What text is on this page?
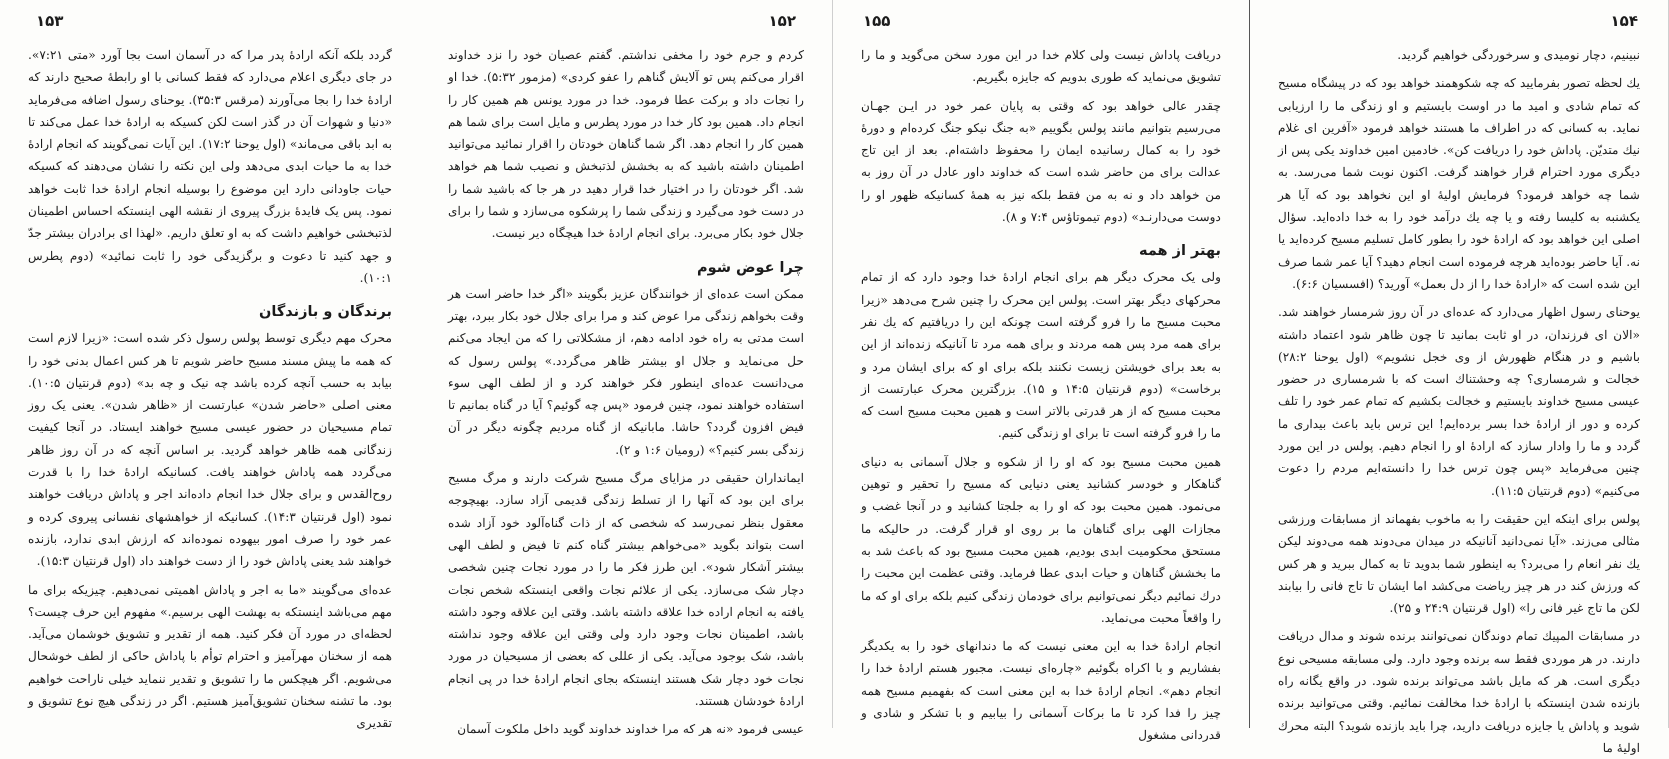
۱۵۳

گردد بلکه آنکه ارادهٔ پدر مرا که در آسمان است بجا آورد «متی ۷:۲۱». در جای دیگری اعلام می‌دارد که فقط کسانی با او رابطهٔ صحیح دارند که ارادهٔ خدا را بجا می‌آورند (مرقس ۳۵:۳). یوحنای رسول اضافه می‌فرماید «دنیا و شهوات آن در گذر است لکن کسیکه به ارادهٔ خدا عمل می‌کند تا به ابد باقی می‌ماند» (اول یوحنا ۱۷:۲). این آیات نمی‌گویند که انجام ارادهٔ خدا به ما حیات ابدی می‌دهد ولی این نکته را نشان می‌دهند که کسیکه حیات جاودانی دارد این موضوع را بوسیله انجام ارادهٔ خدا ثابت خواهد نمود. پس یک فایدهٔ بزرگ پیروی از نقشه الهی اینستکه احساس اطمینان لذتبخشی خواهیم داشت که به او تعلق داریم. «لهذا ای برادران بیشتر جدّ و جهد کنید تا دعوت و برگزیدگی خود را ثابت نمائید» (دوم پطرس ۱۰:۱).

برندگان و بازندگان

محرک مهم دیگری توسط پولس رسول ذکر شده است: «زیرا لازم است که همه ما پیش مسند مسیح حاضر شویم تا هر کس اعمال بدنی خود را بیابد به حسب آنچه کرده باشد چه نیک و چه بد» (دوم قرنتیان ۱۰:۵). معنی اصلی «حاضر شدن» عبارتست از «ظاهر شدن». یعنی یک روز تمام مسیحیان در حضور عیسی مسیح خواهند ایستاد. در آنجا کیفیت زندگانی همه ظاهر خواهد گردید. بر اساس آنچه که در آن روز ظاهر می‌گردد همه پاداش خواهند یافت. کسانیکه ارادهٔ خدا را با قدرت روح‌القدس و برای جلال خدا انجام داده‌اند اجر و پاداش دریافت خواهند نمود (اول قرنتیان ۱۴:۳). کسانیکه از خواهشهای نفسانی پیروی کرده و عمر خود را صرف امور بیهوده نموده‌اند که ارزش ابدی ندارد، بازنده خواهند شد یعنی پاداش خود را از دست خواهند داد (اول قرنتیان ۱۵:۳).

عده‌ای می‌گویند «ما به اجر و پاداش اهمیتی نمی‌دهیم. چیزیکه برای ما مهم می‌باشد اینستکه به بهشت الهی برسیم.» مفهوم این حرف چیست؟ لحظه‌ای در مورد آن فکر کنید. همه از تقدیر و تشویق خوشمان می‌آید. همه از سخنان مهرآمیز و احترام توأم با پاداش حاکی از لطف خوشحال می‌شویم. اگر هیچکس ما را تشویق و تقدیر ننماید خیلی ناراحت خواهیم بود. ما تشنه سخنان تشویق‌آمیز هستیم. اگر در زندگی هیچ نوع تشویق و تقدیری

۱۵۲

کردم و جرم خود را مخفی نداشتم. گفتم عصیان خود را نزد خداوند اقرار می‌کنم پس تو آلایش گناهم را عفو کردی» (مزمور ۵:۳۲). خدا او را نجات داد و برکت عطا فرمود. خدا در مورد یونس هم همین کار را انجام داد. همین بود کار خدا در مورد پطرس و مایل است برای شما هم همین کار را انجام دهد. اگر شما گناهان خودتان را اقرار نمائید می‌توانید اطمینان داشته باشید که به بخشش لذتبخش و نصیب شما هم خواهد شد. اگر خودتان را در اختیار خدا قرار دهید در هر جا که باشید شما را در دست خود می‌گیرد و زندگی شما را پرشکوه می‌سازد و شما را برای جلال خود بکار می‌برد. برای انجام ارادهٔ خدا هیچگاه دیر نیست.

چرا عوض شوم

ممکن است عده‌ای از خوانندگان عزیز بگویند «اگر خدا حاضر است هر وقت بخواهم زندگی مرا عوض کند و مرا برای جلال خود بکار ببرد، بهتر است مدتی به راه خود ادامه دهم، از مشکلاتی را که من ایجاد می‌کنم حل می‌نماید و جلال او بیشتر ظاهر می‌گردد.» پولس رسول که می‌دانست عده‌ای اینطور فکر خواهند کرد و از لطف الهی سوء استفاده خواهند نمود، چنین فرمود «پس چه گوئیم؟ آیا در گناه بمانیم تا فیض افزون گردد؟ حاشا. مابانیکه از گناه مردیم چگونه دیگر در آن زندگی بسر کنیم؟» (رومیان ۱:۶ و ۲).

ایمانداران حقیقی در مزایای مرگ مسیح شرکت دارند و مرگ مسیح برای این بود که آنها را از تسلط زندگی قدیمی آزاد سازد. بهیچوجه معقول بنظر نمی‌رسد که شخصی که از ذات گناه‌آلود خود آزاد شده است بتواند بگوید «می‌خواهم بیشتر گناه کنم تا فیض و لطف الهی بیشتر آشکار شود». این طرز فکر ما را در مورد نجات چنین شخصی دچار شک می‌سازد. یکی از علائم نجات واقعی اینستکه شخص نجات یافته به انجام اراده خدا علاقه داشته باشد. وقتی این علاقه وجود داشته باشد، اطمینان نجات وجود دارد ولی وقتی این علاقه وجود نداشته باشد، شک بوجود می‌آید. یکی از عللی که بعضی از مسیحیان در مورد نجات خود دچار شک هستند اینستکه بجای انجام ارادهٔ خدا در پی انجام ارادهٔ خودشان هستند.

عیسی فرمود «نه هر که مرا خداوند خداوند گوید داخل ملکوت آسمان

۱۵۵

دریافت پاداش نیست ولی کلام خدا در این مورد سخن می‌گوید و ما را تشویق می‌نماید که طوری بدویم که جایزه بگیریم.

چقدر عالی خواهد بود که وقتی به پایان عمر خود در ایـن جهـان می‌رسیم بتوانیم مانند پولس بگوییم «به جنگ نیکو جنگ کرده‌ام و دورهٔ خود را به کمال رسانیده ایمان را محفوظ داشته‌ام. بعد از این تاج عدالت برای من حاضر شده است که خداوند داور عادل در آن روز به من خواهد داد و نه به من فقط بلکه نیز به همهٔ کسانیکه ظهور او را دوست می‌دارنـد» (دوم تیموتاؤس ۷:۴ و ۸).

بهتر از همه

ولی یک محرک دیگر هم برای انجام ارادهٔ خدا وجود دارد که از تمام محرکهای دیگر بهتر است. پولس این محرک را چنین شرح می‌دهد «زیرا محبت مسیح ما را فرو گرفته است چونکه این را دریافتیم که یك نفر برای همه مرد پس همه مردند و برای همه مرد تا آنانیکه زنده‌اند از این به بعد برای خویشتن زیست نکنند بلکه برای او که برای ایشان مرد و برخاست» (دوم قرنتیان ۱۴:۵ و ۱۵). بزرگترین محرک عبارتست از محبت مسیح که از هر قدرتی بالاتر است و همین محبت مسیح است که ما را فرو گرفته است تا برای او زندگی کنیم.

همین محبت مسیح بود که او را از شکوه و جلال آسمانی به دنیای گناهکار و خودسر کشانید یعنی دنیایی که مسیح را تحقیر و توهین می‌نمود. همین محبت بود که او را به جلجتا کشانید و در آنجا غضب و مجازات الهی برای گناهان ما بر روی او قرار گرفت. در حالیکه ما مستحق محکومیت ابدی بودیم، همین محبت مسیح بود که باعث شد به ما بخشش گناهان و حیات ابدی عطا فرماید. وقتی عظمت این محبت را درك نمائیم دیگر نمی‌توانیم برای خودمان زندگی کنیم بلکه برای او که ما را واقعاً محبت می‌نماید.

انجام ارادهٔ خدا به این معنی نیست که ما دندانهای خود را به یکدیگر بفشاریم و با اکراه بگوئیم «چاره‌ای نیست. مجبور هستم ارادهٔ خدا را انجام دهم». انجام ارادهٔ خدا به این معنی است که بفهمیم مسیح همه چیز را فدا کرد تا ما برکات آسمانی را بیابیم و با تشکر و شادی و قدردانی مشغول

۱۵۴

نبینیم، دچار نومیدی و سرخوردگی خواهیم گردید.

یك لحظه تصور بفرمایید که چه شکوهمند خواهد بود که در پیشگاه مسیح که تمام شادی و امید ما در اوست بایستیم و او زندگی ما را ارزیابی نماید. به کسانی که در اطراف ما هستند خواهد فرمود «آفرین ای غلام نیك متدیّن. پاداش خود را دریافت کن». خادمین امین خداوند یکی پس از دیگری مورد احترام قرار خواهند گرفت. اکنون نوبت شما می‌رسد. به شما چه خواهد فرمود؟ فرمایش اولیهٔ او این نخواهد بود که آیا هر یکشنبه به کلیسا رفته و یا چه یك درآمد خود را به خدا داده‌اید. سؤال اصلی این خواهد بود که ارادهٔ خود را بطور کامل تسلیم مسیح کرده‌اید یا نه. آیا حاضر بوده‌اید هرچه فرموده است انجام دهید؟ آیا عمر شما صرف این شده است که «ارادهٔ خدا را از دل بعمل» آورید؟ (افسسیان ۶:۶).

یوحنای رسول اظهار می‌دارد که عده‌ای در آن روز شرمسار خواهند شد. «الان ای فرزندان، در او ثابت بمانید تا چون ظاهر شود اعتماد داشته باشیم و در هنگام ظهورش از وی خجل نشویم» (اول یوحنا ۲۸:۲) خجالت و شرمساری؟ چه وحشتناك است که با شرمساری در حضور عیسی مسیح خداوند بایستیم و خجالت بکشیم که تمام عمر خود را تلف کرده و دور از ارادهٔ خدا بسر برده‌ایم! این ترس باید باعث بیداری ما گردد و ما را وادار سازد که ارادهٔ او را انجام دهیم. پولس در این مورد چنین می‌فرماید «پس چون ترس خدا را دانسته‌ایم مردم را دعوت می‌کنیم» (دوم قرنتیان ۱۱:۵).

پولس برای اینکه این حقیقت را به ماخوب بفهماند از مسابقات ورزشی مثالی می‌زند. «آیا نمی‌دانید آنانیکه در میدان می‌دوند همه می‌دوند لیکن یك نفر انعام را می‌برد؟ به اینطور شما بدوید تا به کمال ببرید و هر کس که ورزش کند در هر چیز ریاضت می‌کشد اما ایشان تا تاج فانی را بیابند لکن ما تاج غیر فانی را» (اول قرنتیان ۲۴:۹ و ۲۵).

در مسابقات المپیك تمام دوندگان نمی‌توانند برنده شوند و مدال دریافت دارند. در هر موردی فقط سه برنده وجود دارد. ولی مسابقه مسیحی نوع دیگری است. هر که مایل باشد می‌تواند برنده شود. در واقع یگانه راه بازنده شدن اینستکه با ارادهٔ خدا مخالفت نمائیم. وقتی می‌توانید برنده شوید و پاداش یا جایزه دریافت دارید، چرا باید بازنده شوید؟ البته محرك اولیهٔ ما
